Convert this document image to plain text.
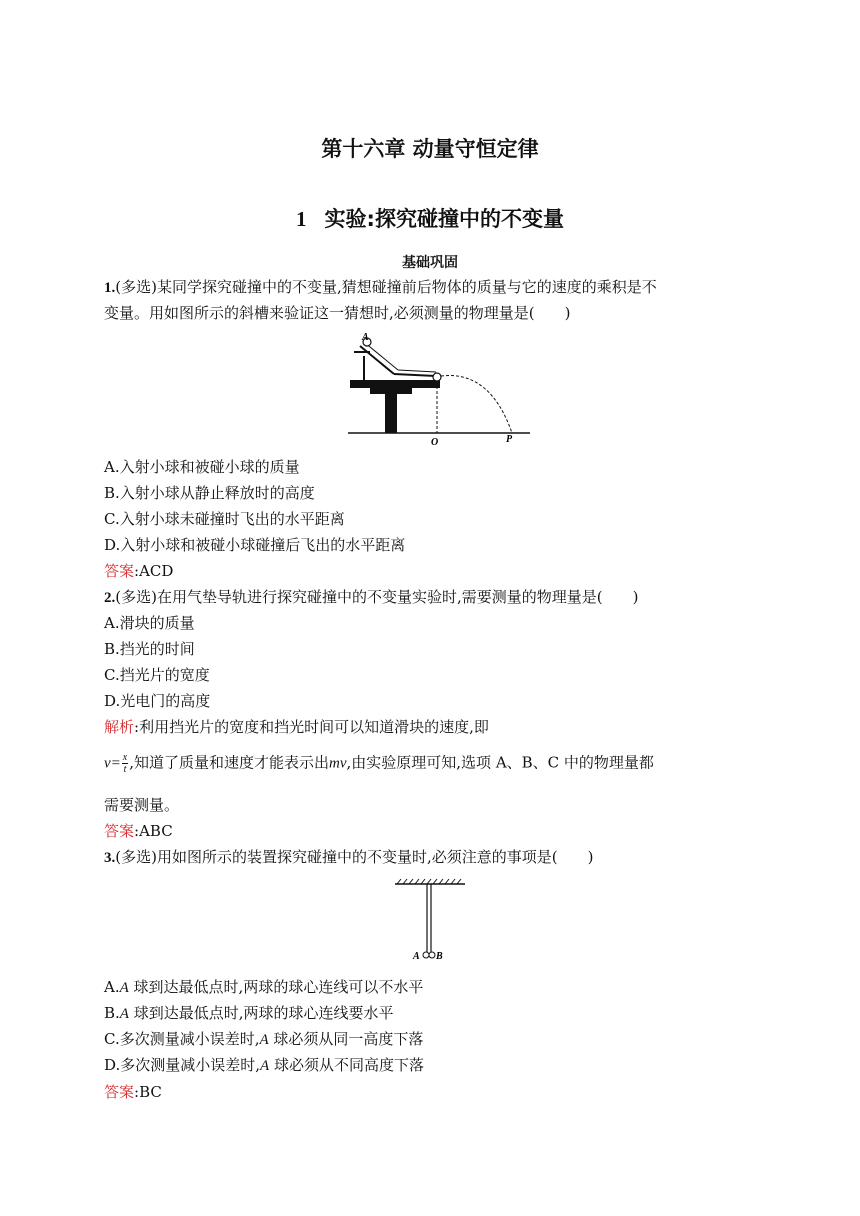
第十六章 动量守恒定律
1 实验:探究碰撞中的不变量
基础巩固
1.(多选)某同学探究碰撞中的不变量,猜想碰撞前后物体的质量与它的速度的乘积是不
变量。用如图所示的斜槽来验证这一猜想时,必须测量的物理量是(　　)
A
O	P
A.入射小球和被碰小球的质量
B.入射小球从静止释放时的高度
C.入射小球未碰撞时飞出的水平距离
D.入射小球和被碰小球碰撞后飞出的水平距离
答案:ACD
2.(多选)在用气垫导轨进行探究碰撞中的不变量实验时,需要测量的物理量是(　　)
A.滑块的质量
B.挡光的时间
C.挡光片的宽度
D.光电门的高度
解析:利用挡光片的宽度和挡光时间可以知道滑块的速度,即
$v= \frac{x}{t}$ ,知道了质量和速度才能表示出mv,由实验原理可知,选项 A、B、C 中的物理量都
需要测量。
答案:ABC
3.(多选)用如图所示的装置探究碰撞中的不变量时,必须注意的事项是(　　)
A B
A.A 球到达最低点时,两球的球心连线可以不水平
B.A 球到达最低点时,两球的球心连线要水平
C.多次测量减小误差时,A 球必须从同一高度下落
D.多次测量减小误差时,A 球必须从不同高度下落
答案:BC
